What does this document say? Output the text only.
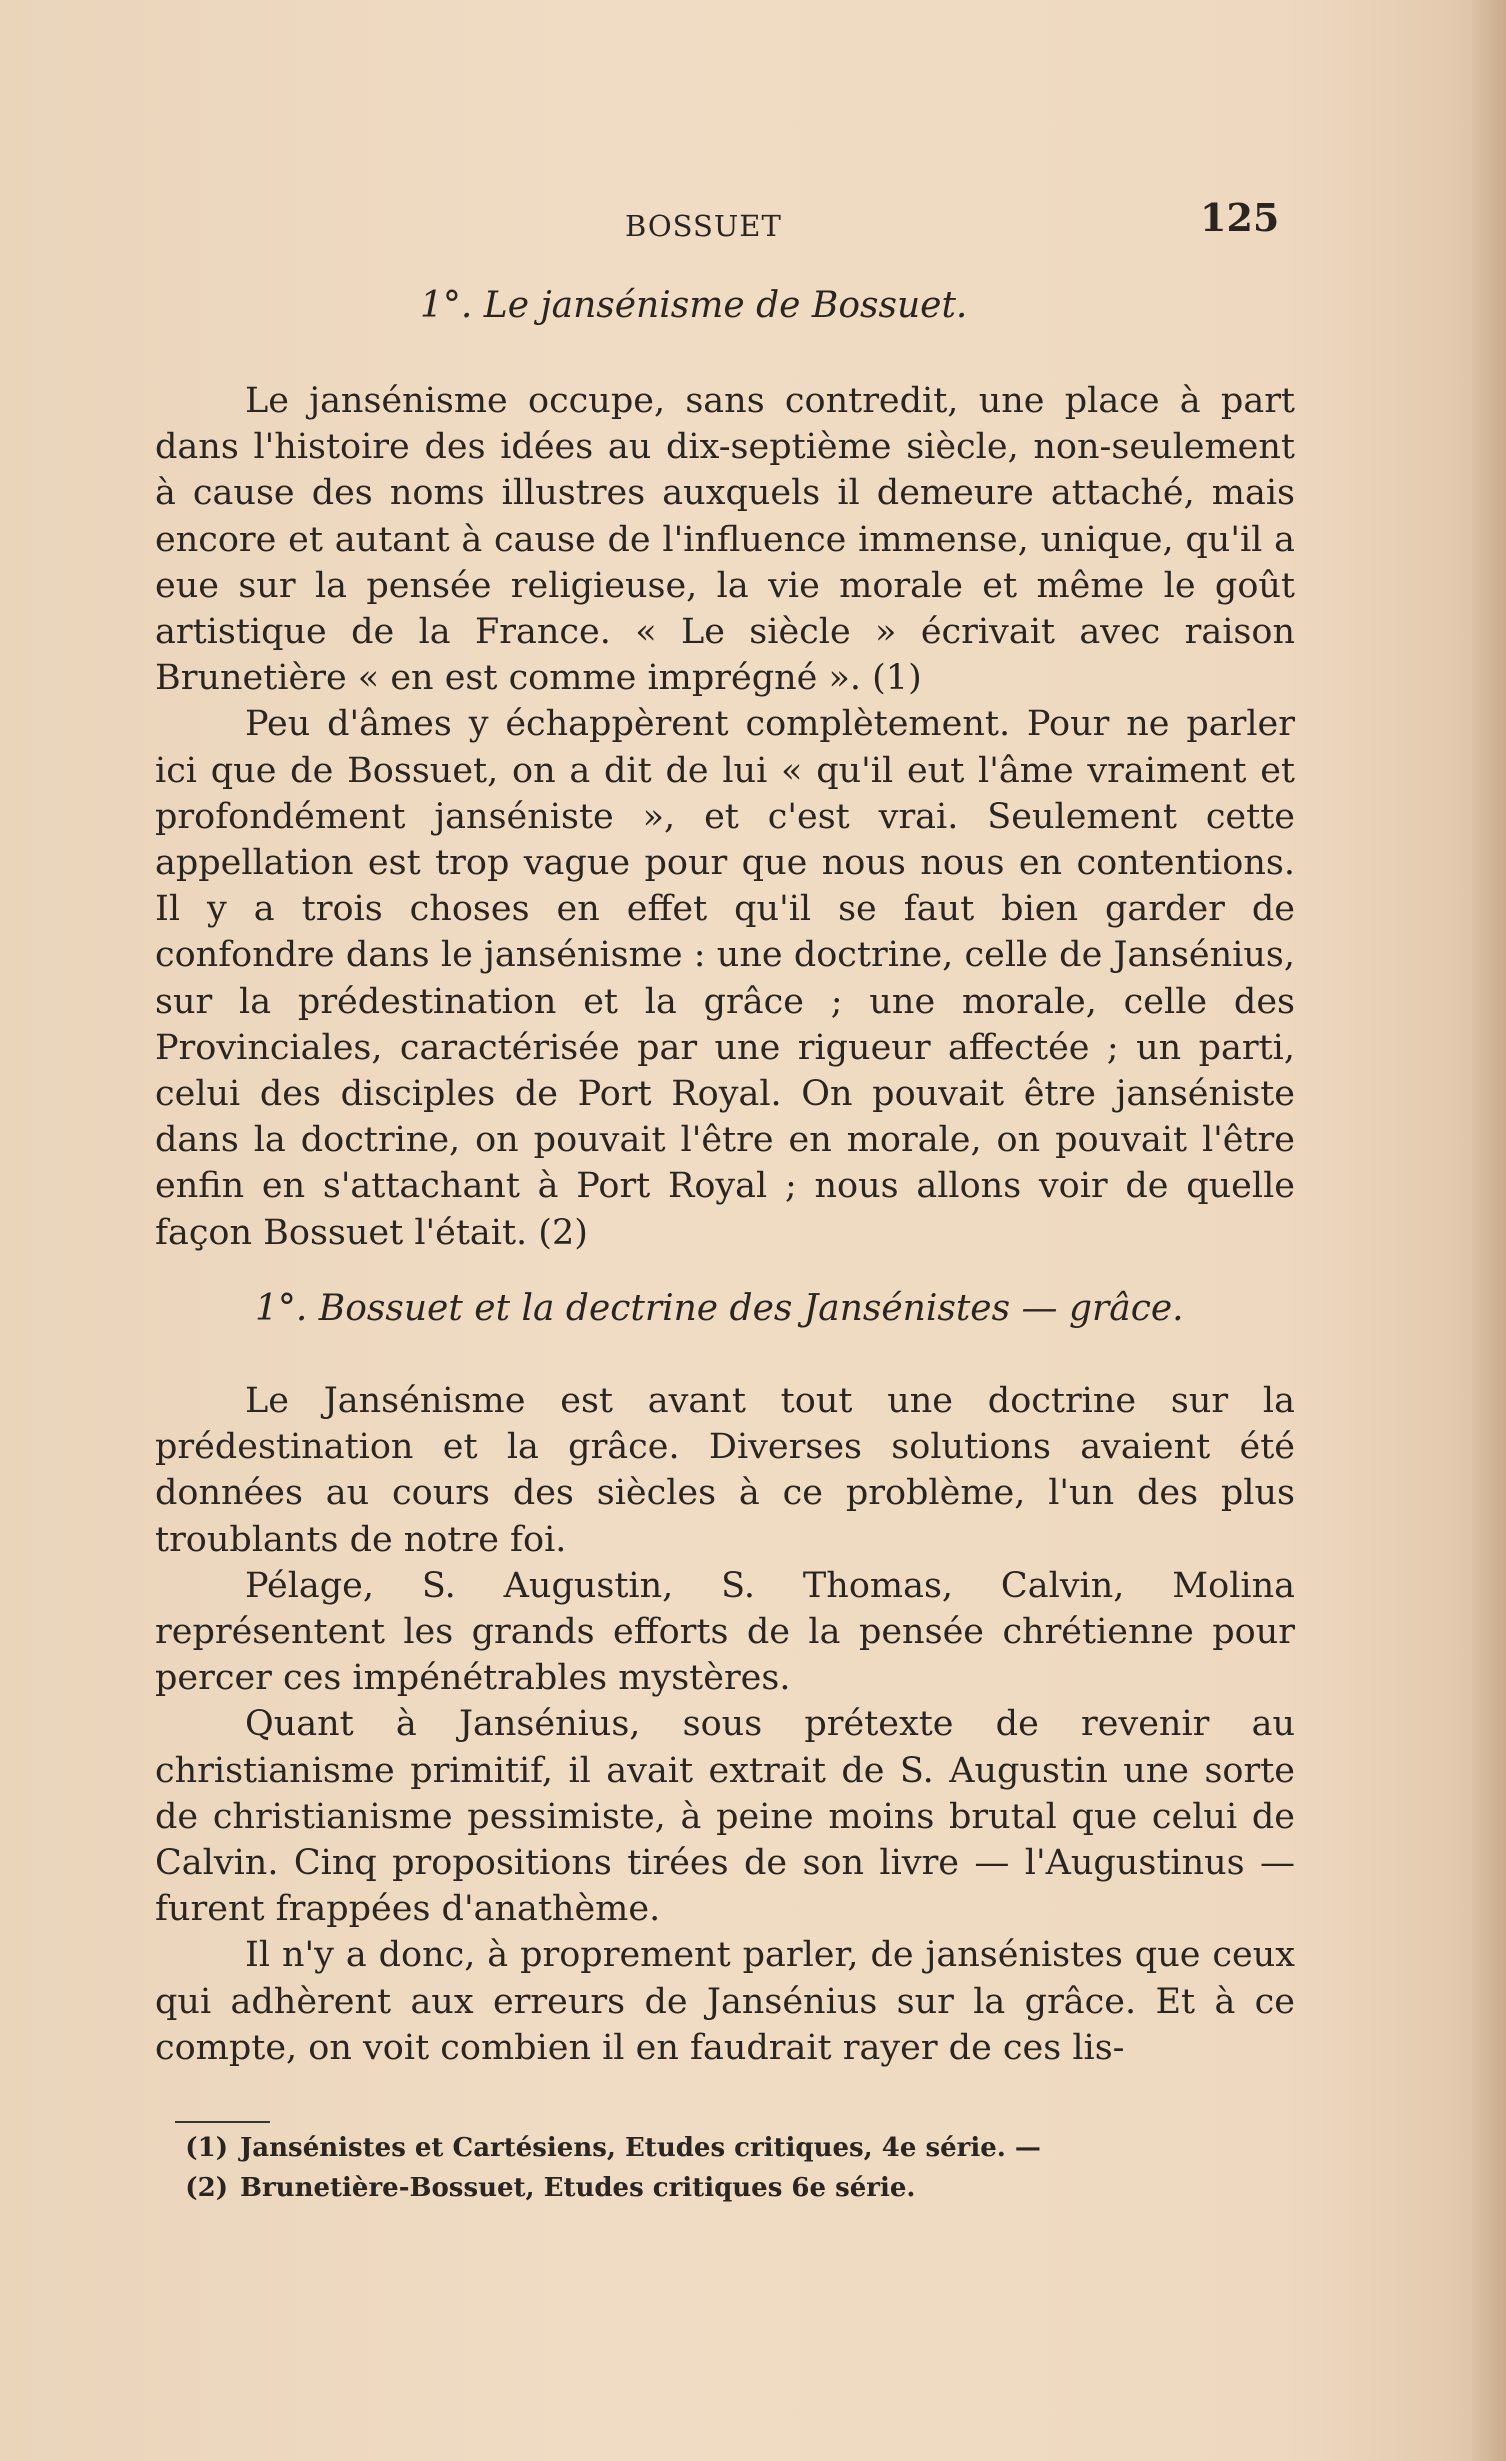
BOSSUET	125
1°. Le jansénisme de Bossuet.

Le jansénisme occupe, sans contredit, une place à part dans l'histoire des idées au dix-septième siècle, non-seulement à cause des noms illustres auxquels il demeure attaché, mais encore et autant à cause de l'influence immense, unique, qu'il a eue sur la pensée religieuse, la vie morale et même le goût artistique de la France. « Le siècle » écrivait avec raison Brunetière « en est comme imprégné ». (1)

Peu d'âmes y échappèrent complètement. Pour ne parler ici que de Bossuet, on a dit de lui « qu'il eut l'âme vraiment et profondément janséniste », et c'est vrai. Seulement cette appellation est trop vague pour que nous nous en contentions. Il y a trois choses en effet qu'il se faut bien garder de confondre dans le jansénisme : une doctrine, celle de Jansénius, sur la prédestination et la grâce ; une morale, celle des Provinciales, caractérisée par une rigueur affectée ; un parti, celui des disciples de Port Royal. On pouvait être janséniste dans la doctrine, on pouvait l'être en morale, on pouvait l'être enfin en s'attachant à Port Royal ; nous allons voir de quelle façon Bossuet l'était. (2)

1°. Bossuet et la dectrine des Jansénistes — grâce.

Le Jansénisme est avant tout une doctrine sur la prédestination et la grâce. Diverses solutions avaient été données au cours des siècles à ce problème, l'un des plus troublants de notre foi.

Pélage, S. Augustin, S. Thomas, Calvin, Molina représentent les grands efforts de la pensée chrétienne pour percer ces impénétrables mystères.

Quant à Jansénius, sous prétexte de revenir au christianisme primitif, il avait extrait de S. Augustin une sorte de christianisme pessimiste, à peine moins brutal que celui de Calvin. Cinq propositions tirées de son livre — l'Augustinus — furent frappées d'anathème.

Il n'y a donc, à proprement parler, de jansénistes que ceux qui adhèrent aux erreurs de Jansénius sur la grâce. Et à ce compte, on voit combien il en faudrait rayer de ces lis-

(1) Jansénistes et Cartésiens, Etudes critiques, 4e série. —

(2) Brunetière-Bossuet, Etudes critiques 6e série.
